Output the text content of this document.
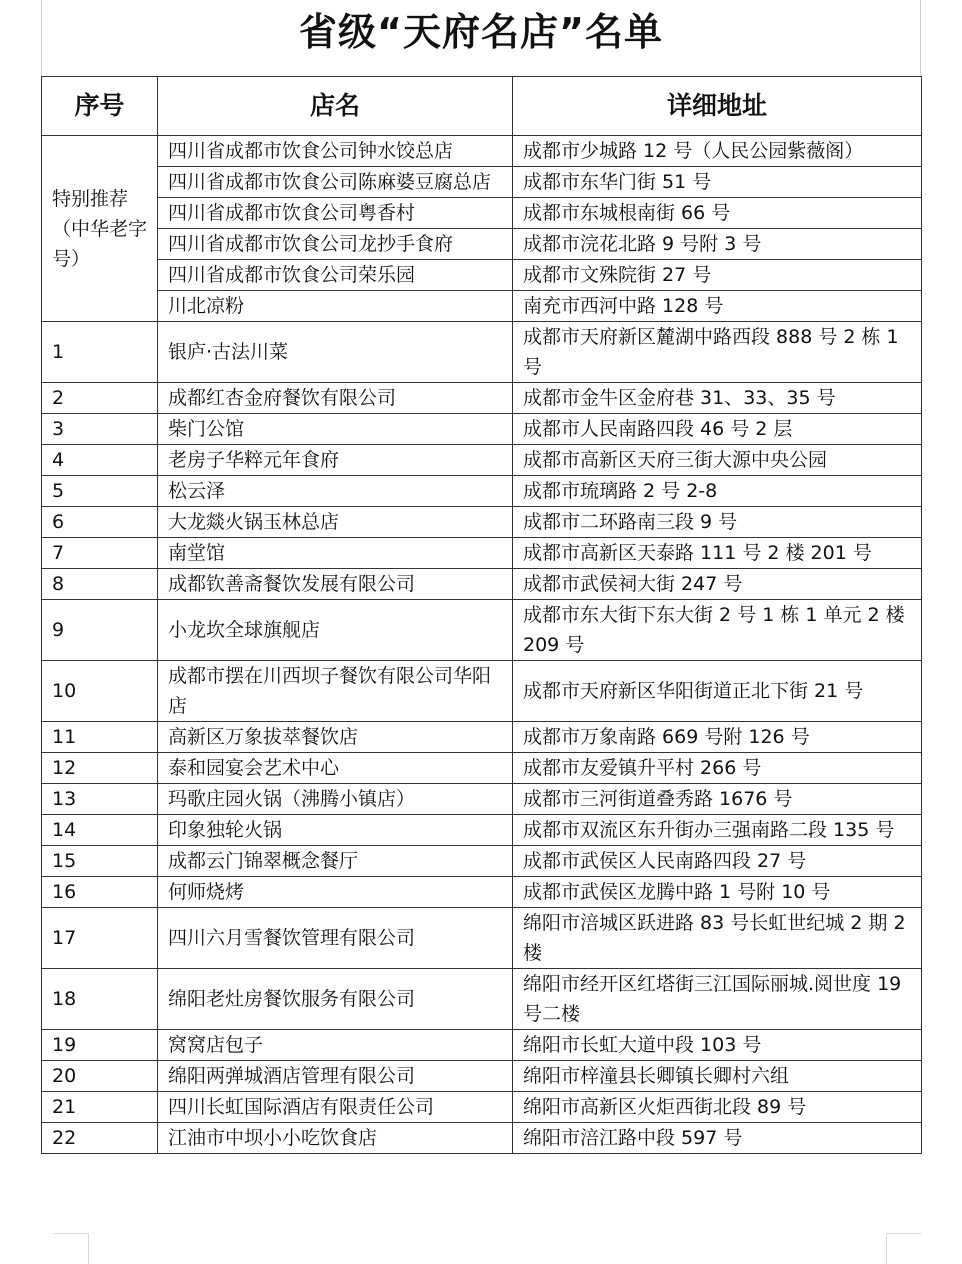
省级“天府名店”名单
序号	店名	详细地址
特别推荐（中华老字号）	四川省成都市饮食公司钟水饺总店	成都市少城路 12 号（人民公园紫薇阁）
	四川省成都市饮食公司陈麻婆豆腐总店	成都市东华门街 51 号
	四川省成都市饮食公司粤香村	成都市东城根南街 66 号
	四川省成都市饮食公司龙抄手食府	成都市浣花北路 9 号附 3 号
	四川省成都市饮食公司荣乐园	成都市文殊院街 27 号
	川北凉粉	南充市西河中路 128 号
1	银庐·古法川菜	成都市天府新区麓湖中路西段 888 号 2 栋 1 号
2	成都红杏金府餐饮有限公司	成都市金牛区金府巷 31、33、35 号
3	柴门公馆	成都市人民南路四段 46 号 2 层
4	老房子华粹元年食府	成都市高新区天府三街大源中央公园
5	松云泽	成都市琉璃路 2 号 2-8
6	大龙燚火锅玉林总店	成都市二环路南三段 9 号
7	南堂馆	成都市高新区天泰路 111 号 2 楼 201 号
8	成都钦善斋餐饮发展有限公司	成都市武侯祠大街 247 号
9	小龙坎全球旗舰店	成都市东大街下东大街 2 号 1 栋 1 单元 2 楼 209 号
10	成都市摆在川西坝子餐饮有限公司华阳店	成都市天府新区华阳街道正北下街 21 号
11	高新区万象拔萃餐饮店	成都市万象南路 669 号附 126 号
12	泰和园宴会艺术中心	成都市友爱镇升平村 266 号
13	玛歌庄园火锅（沸腾小镇店）	成都市三河街道叠秀路 1676 号
14	印象独轮火锅	成都市双流区东升街办三强南路二段 135 号
15	成都云门锦翠概念餐厅	成都市武侯区人民南路四段 27 号
16	何师烧烤	成都市武侯区龙腾中路 1 号附 10 号
17	四川六月雪餐饮管理有限公司	绵阳市涪城区跃进路 83 号长虹世纪城 2 期 2 楼
18	绵阳老灶房餐饮服务有限公司	绵阳市经开区红塔街三江国际丽城.阅世度 19 号二楼
19	窝窝店包子	绵阳市长虹大道中段 103 号
20	绵阳两弹城酒店管理有限公司	绵阳市梓潼县长卿镇长卿村六组
21	四川长虹国际酒店有限责任公司	绵阳市高新区火炬西街北段 89 号
22	江油市中坝小小吃饮食店	绵阳市涪江路中段 597 号
